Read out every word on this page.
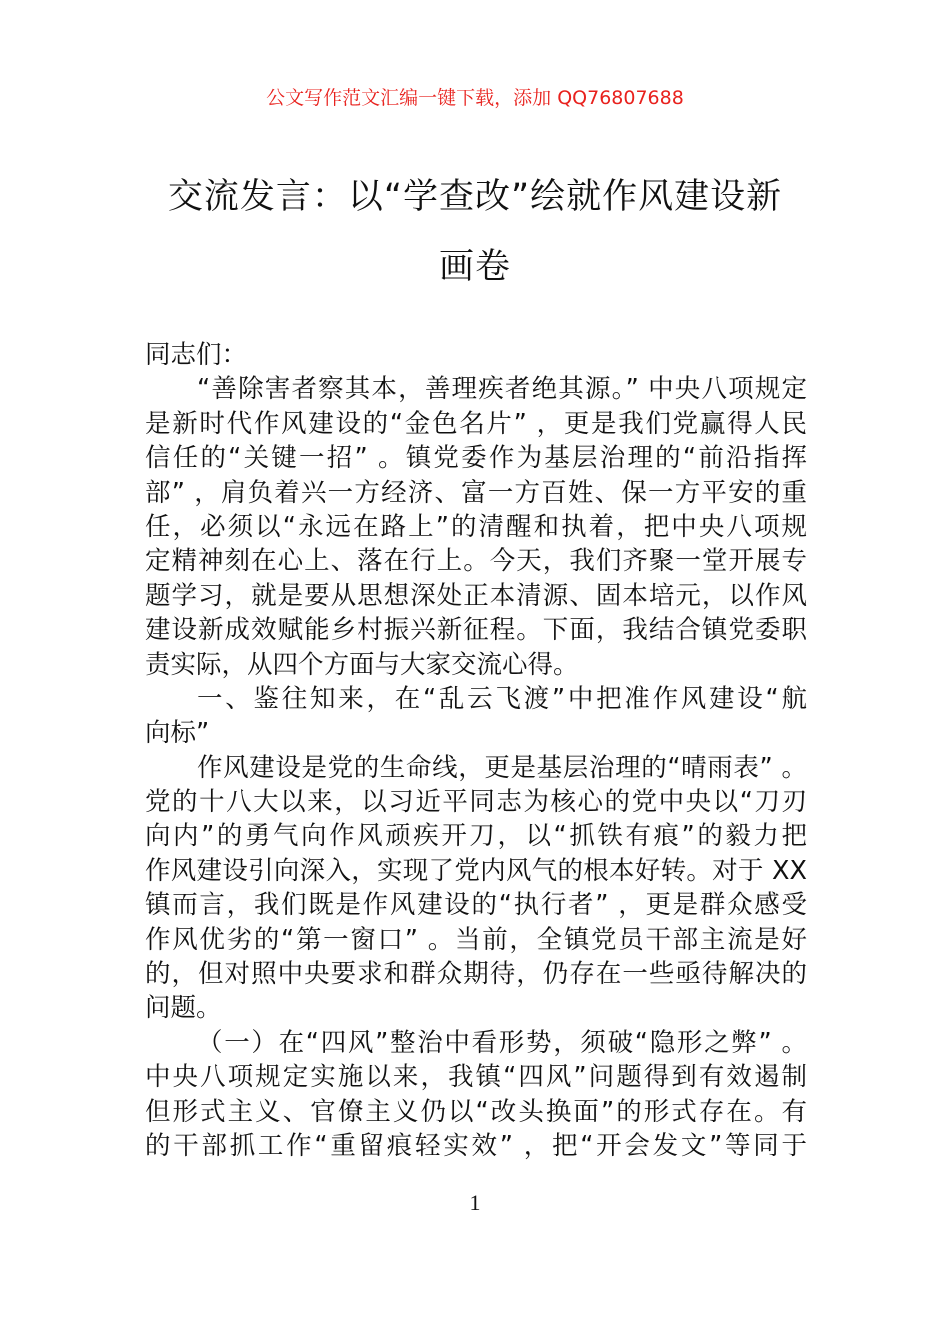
公文写作范文汇编一键下载，添加 QQ76807688
交流发言：以“学查改”绘就作风建设新
画卷
同志们：
“善除害者察其本，善理疾者绝其源。” 中央八项规定
是新时代作风建设的“金色名片” ，更是我们党赢得人民
信任的“关键一招” 。镇党委作为基层治理的“前沿指挥
部” ，肩负着兴一方经济、富一方百姓、保一方平安的重
任，必须以“永远在路上”的清醒和执着，把中央八项规
定精神刻在心上、落在行上。今天，我们齐聚一堂开展专
题学习，就是要从思想深处正本清源、固本培元，以作风
建设新成效赋能乡村振兴新征程。下面，我结合镇党委职
责实际，从四个方面与大家交流心得。
一、鉴往知来，在“乱云飞渡”中把准作风建设“航
向标”
作风建设是党的生命线，更是基层治理的“晴雨表” 。
党的十八大以来，以习近平同志为核心的党中央以“刀刃
向内”的勇气向作风顽疾开刀，以“抓铁有痕”的毅力把
作风建设引向深入，实现了党内风气的根本好转。对于 XX
镇而言，我们既是作风建设的“执行者” ，更是群众感受
作风优劣的“第一窗口” 。当前，全镇党员干部主流是好
的，但对照中央要求和群众期待，仍存在一些亟待解决的
问题。
（一）在“四风”整治中看形势，须破“隐形之弊” 。
中央八项规定实施以来，我镇“四风”问题得到有效遏制
但形式主义、官僚主义仍以“改头换面”的形式存在。有
的干部抓工作“重留痕轻实效” ，把“开会发文”等同于
1
